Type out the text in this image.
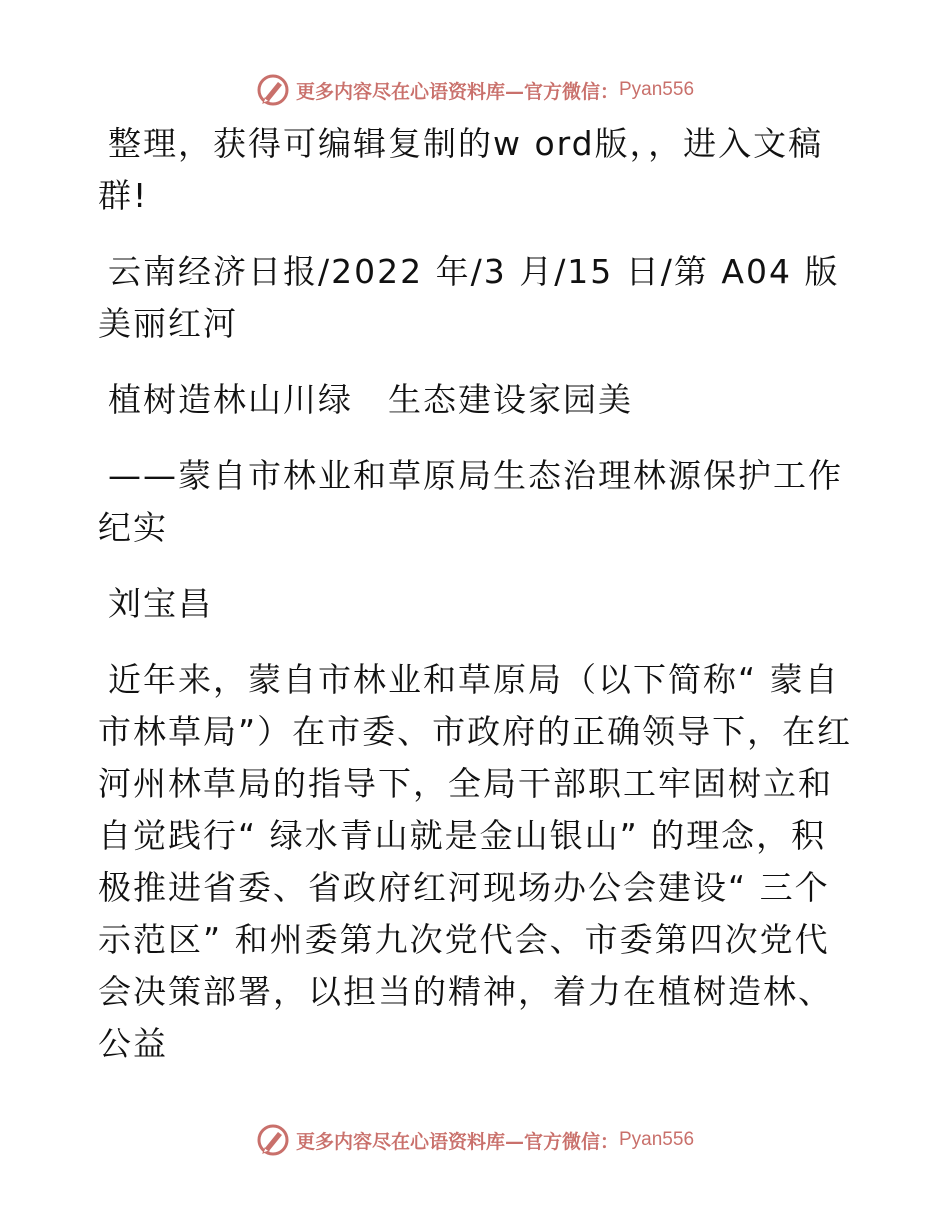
更多内容尽在心语资料库—官方微信： Pyan556

整理，获得可编辑复制的w ord版，，进入文稿群!

云南经济日报/2022 年/3 月/15 日/第 A04 版美丽红河

植树造林山川绿　生态建设家园美

——蒙自市林业和草原局生态治理林源保护工作纪实

刘宝昌

近年来，蒙自市林业和草原局（以下简称“ 蒙自市林草局”）在市委、市政府的正确领导下，在红河州林草局的指导下，全局干部职工牢固树立和自觉践行“ 绿水青山就是金山银山” 的理念，积极推进省委、省政府红河现场办公会建设“ 三个示范区” 和州委第九次党代会、市委第四次党代会决策部署，以担当的精神，着力在植树造林、公益

更多内容尽在心语资料库—官方微信： Pyan556
